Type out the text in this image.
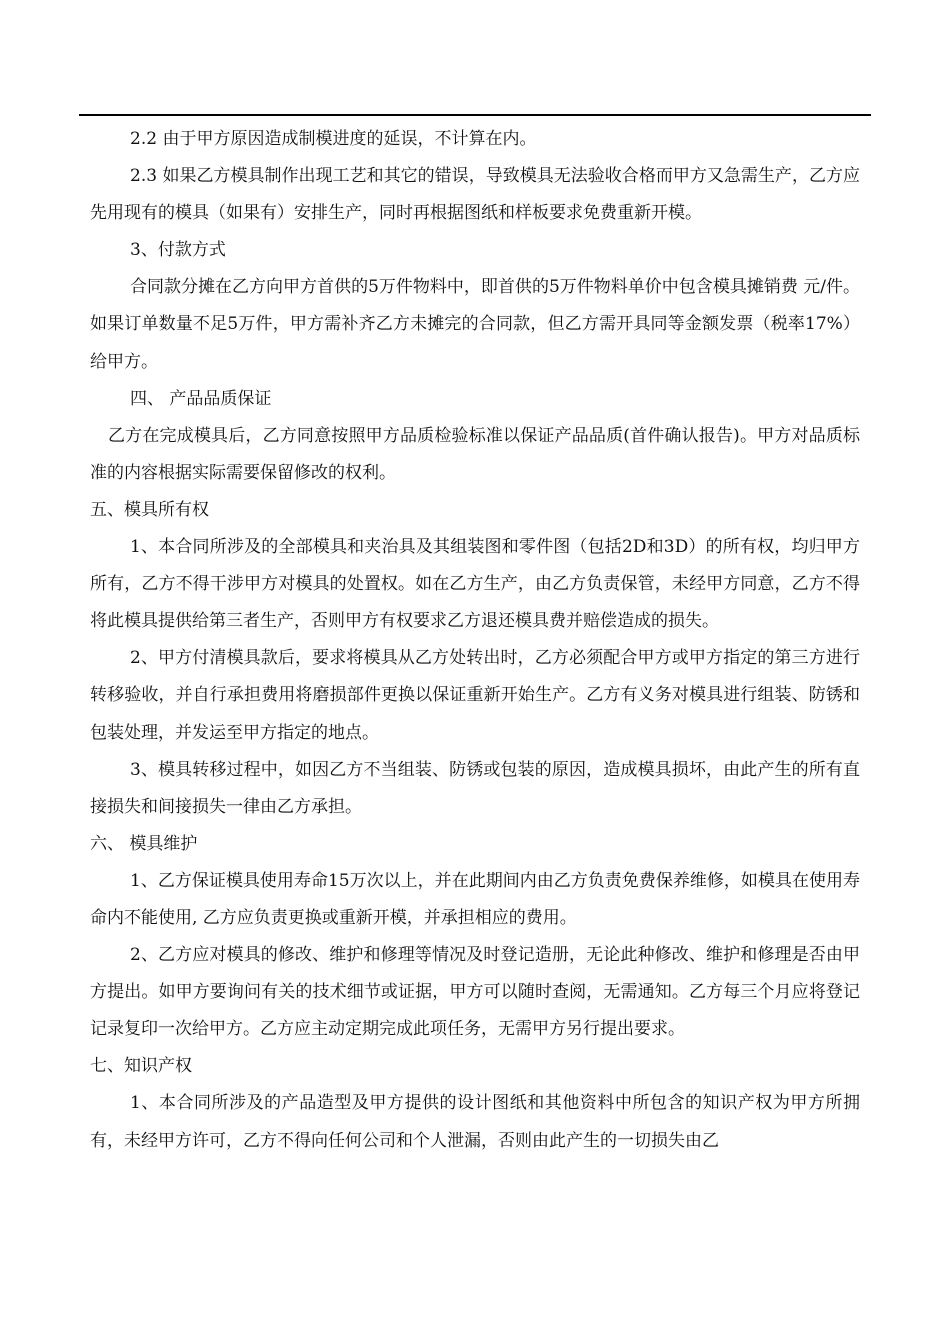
2.2 由于甲方原因造成制模进度的延误，不计算在内。

2.3 如果乙方模具制作出现工艺和其它的错误，导致模具无法验收合格而甲方又急需生产，乙方应先用现有的模具（如果有）安排生产，同时再根据图纸和样板要求免费重新开模。

3、付款方式

合同款分摊在乙方向甲方首供的5万件物料中，即首供的5万件物料单价中包含模具摊销费 元/件。如果订单数量不足5万件，甲方需补齐乙方未摊完的合同款，但乙方需开具同等金额发票（税率17%）给甲方。

四、 产品品质保证

乙方在完成模具后，乙方同意按照甲方品质检验标准以保证产品品质(首件确认报告)。甲方对品质标准的内容根据实际需要保留修改的权利。

五、模具所有权

1、本合同所涉及的全部模具和夹治具及其组装图和零件图（包括2D和3D）的所有权，均归甲方所有，乙方不得干涉甲方对模具的处置权。如在乙方生产，由乙方负责保管，未经甲方同意，乙方不得将此模具提供给第三者生产，否则甲方有权要求乙方退还模具费并赔偿造成的损失。

2、甲方付清模具款后，要求将模具从乙方处转出时，乙方必须配合甲方或甲方指定的第三方进行转移验收，并自行承担费用将磨损部件更换以保证重新开始生产。乙方有义务对模具进行组装、防锈和包装处理，并发运至甲方指定的地点。

3、模具转移过程中，如因乙方不当组装、防锈或包装的原因，造成模具损坏，由此产生的所有直接损失和间接损失一律由乙方承担。

六、 模具维护

1、乙方保证模具使用寿命15万次以上，并在此期间内由乙方负责免费保养维修，如模具在使用寿命内不能使用, 乙方应负责更换或重新开模，并承担相应的费用。

2、乙方应对模具的修改、维护和修理等情况及时登记造册，无论此种修改、维护和修理是否由甲方提出。如甲方要询问有关的技术细节或证据，甲方可以随时查阅，无需通知。乙方每三个月应将登记记录复印一次给甲方。乙方应主动定期完成此项任务，无需甲方另行提出要求。

七、知识产权

1、本合同所涉及的产品造型及甲方提供的设计图纸和其他资料中所包含的知识产权为甲方所拥有，未经甲方许可，乙方不得向任何公司和个人泄漏，否则由此产生的一切损失由乙
